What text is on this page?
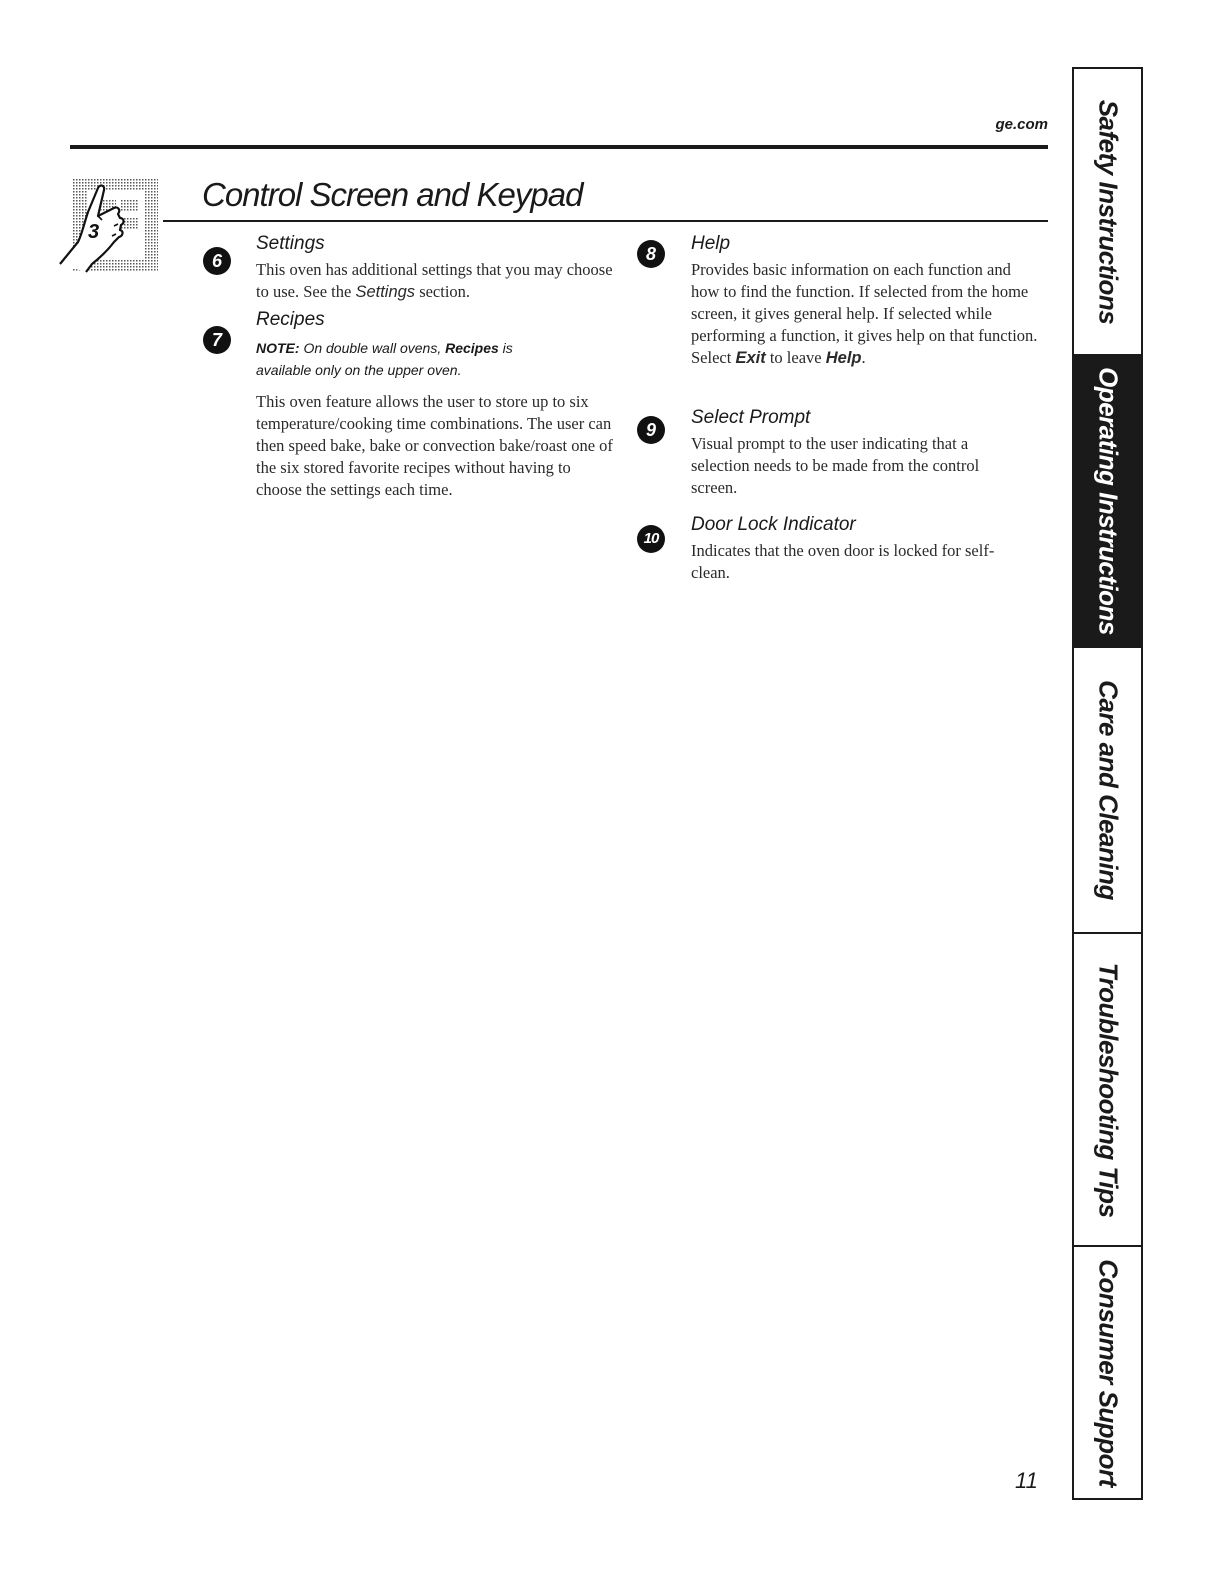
ge.com
3
Control Screen and Keypad
6
Settings

This oven has additional settings that you may choose to use. See the Settings section.

7
Recipes

NOTE: On double wall ovens, Recipes is available only on the upper oven.

This oven feature allows the user to store up to six temperature/cooking time combinations. The user can then speed bake, bake or convection bake/roast one of the six stored favorite recipes without having to choose the settings each time.

8	Help

Provides basic information on each function and how to find the function. If selected from the home screen, it gives general help. If selected while performing a function, it gives help on that function. Select Exit to leave Help.

9
Select Prompt

Visual prompt to the user indicating that a selection needs to be made from the control screen.

10
Door Lock Indicator

Indicates that the oven door is locked for self-clean.

11
Safety Instructions
Operating Instructions
Care and Cleaning
Troubleshooting Tips
Consumer Support
